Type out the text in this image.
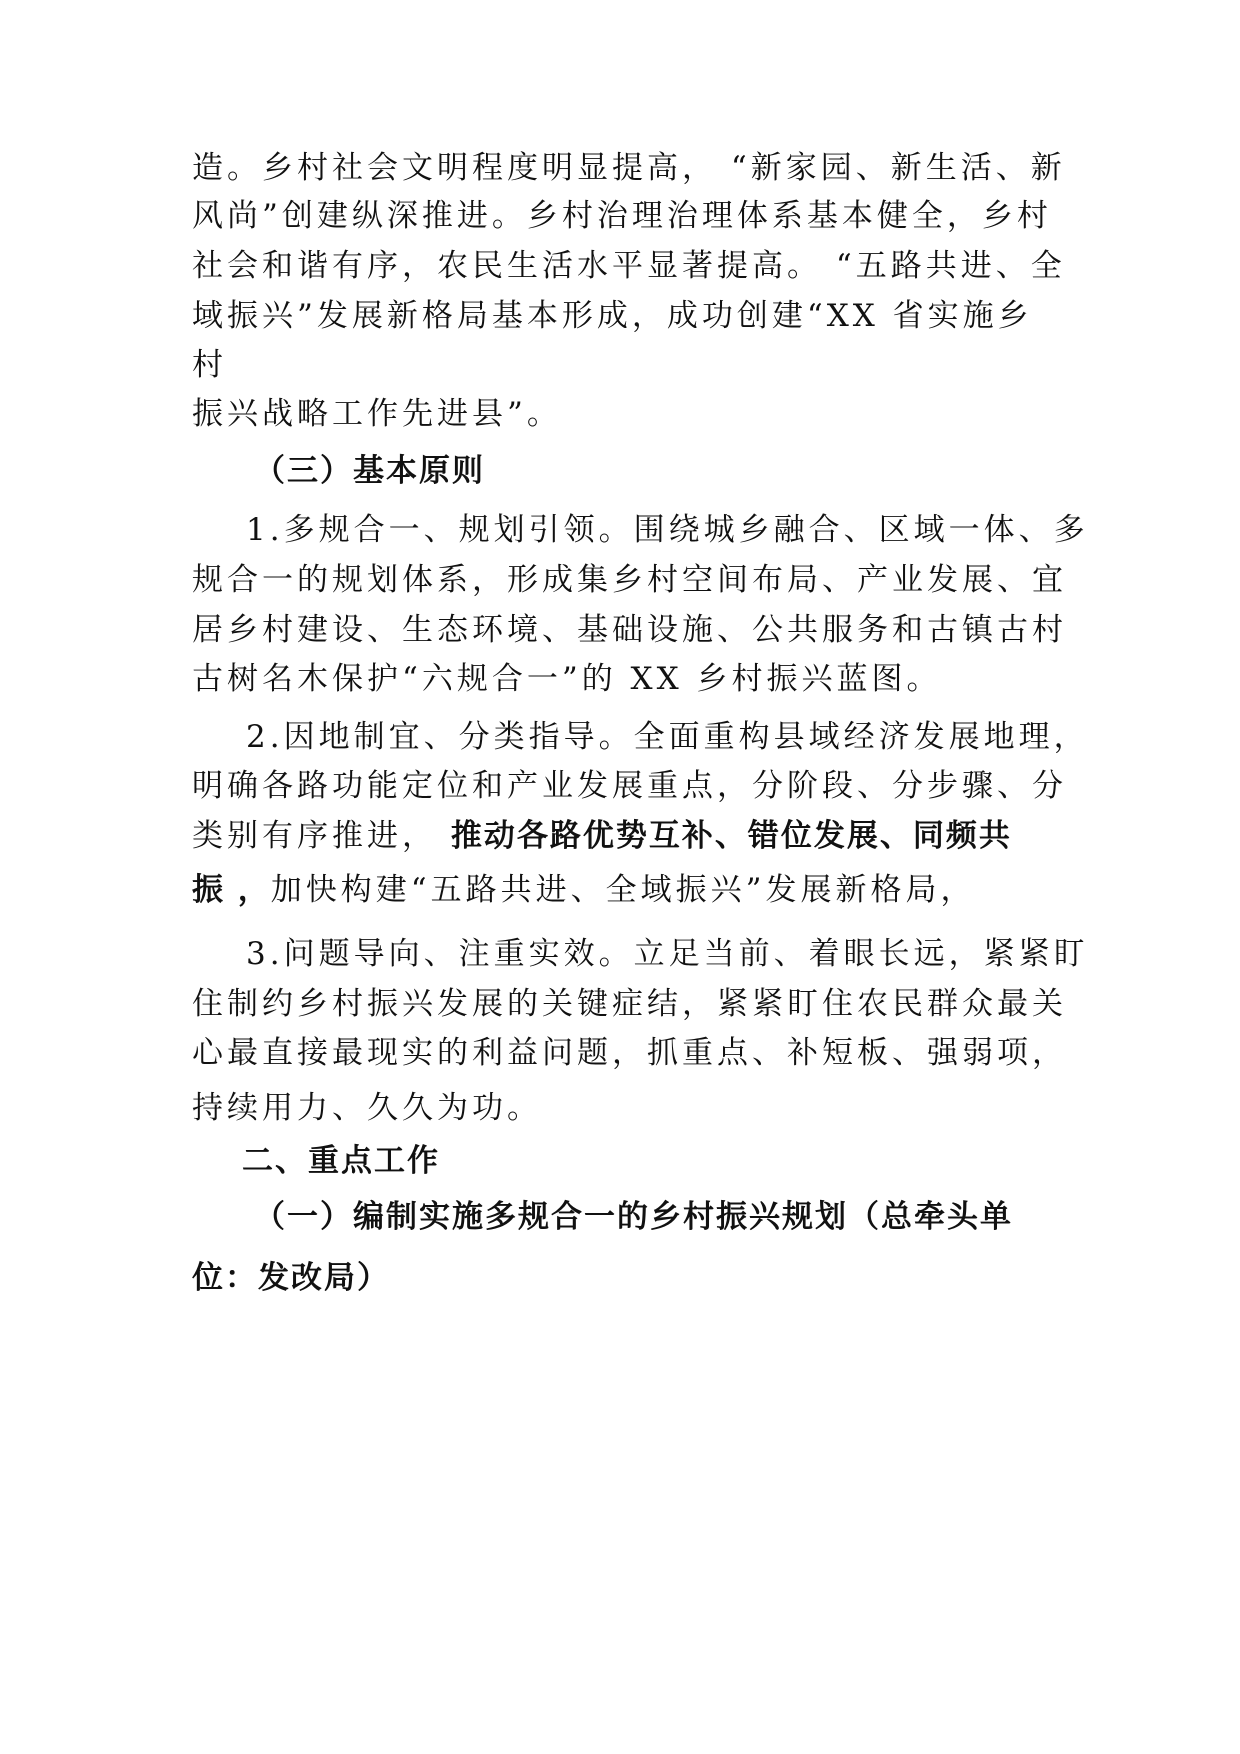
造。乡村社会文明程度明显提高， “新家园、新生活、新
风尚”创建纵深推进。乡村治理治理体系基本健全，乡村
社会和谐有序，农民生活水平显著提高。 “五路共进、全
域振兴”发展新格局基本形成，成功创建“XX 省实施乡
村
振兴战略工作先进县”。
（三）基本原则
1.多规合一、规划引领。围绕城乡融合、区域一体、多
规合一的规划体系，形成集乡村空间布局、产业发展、宜
居乡村建设、生态环境、基础设施、公共服务和古镇古村
古树名木保护“六规合一”的 XX 乡村振兴蓝图。
2.因地制宜、分类指导。全面重构县域经济发展地理，
明确各路功能定位和产业发展重点，分阶段、分步骤、分
类别有序推进， 推动各路优势互补、错位发展、同频共
振 ，加快构建“五路共进、全域振兴”发展新格局，
3.问题导向、注重实效。立足当前、着眼长远，紧紧盯
住制约乡村振兴发展的关键症结，紧紧盯住农民群众最关
心最直接最现实的利益问题，抓重点、补短板、强弱项，
持续用力、久久为功。
二、重点工作
（一）编制实施多规合一的乡村振兴规划（总牵头单
位：发改局）
